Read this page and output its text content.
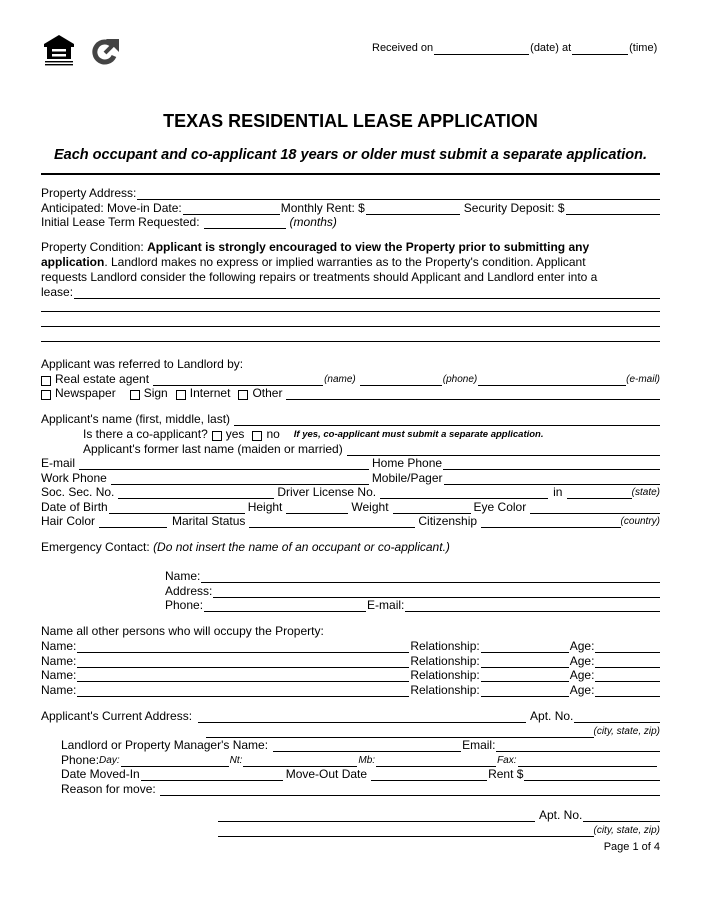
Received on	(date) at	(time)
TEXAS RESIDENTIAL LEASE APPLICATION
Each occupant and co-applicant 18 years or older must submit a separate application.
Property Address:
Anticipated: Move-in Date:	Monthly Rent: $	Security Deposit: $
Initial Lease Term Requested:	(months)
Property Condition: Applicant is strongly encouraged to view the Property prior to submitting any
application. Landlord makes no express or implied warranties as to the Property's condition. Applicant
requests Landlord consider the following repairs or treatments should Applicant and Landlord enter into a
lease:
Applicant was referred to Landlord by:
Real estate agent	(name)	(phone)	(e-mail)
Newspaper Sign Internet Other
Applicant's name (first, middle, last)
Is there a co-applicant? yes no If yes, co-applicant must submit a separate application.
Applicant's former last name (maiden or married)
E-mail	Home Phone
Work Phone	Mobile/Pager
Soc. Sec. No.	Driver License No.	in	(state)
Date of Birth	Height	Weight	Eye Color
Hair Color	Marital Status	Citizenship	(country)
Emergency Contact: (Do not insert the name of an occupant or co-applicant.)
Name:
Address:
Phone:	E-mail:
Name all other persons who will occupy the Property:
Name:	Relationship:	Age:
Name:	Relationship:	Age:
Name:	Relationship:	Age:
Name:	Relationship:	Age:
Applicant's Current Address:	Apt. No.
(city, state, zip)
Landlord or Property Manager's Name:	Email:
Phone: Day:	Nt:	Mb:	Fax:
Date Moved-In	Move-Out Date	Rent $
Reason for move:
Apt. No.
(city, state, zip)
Page 1 of 4
